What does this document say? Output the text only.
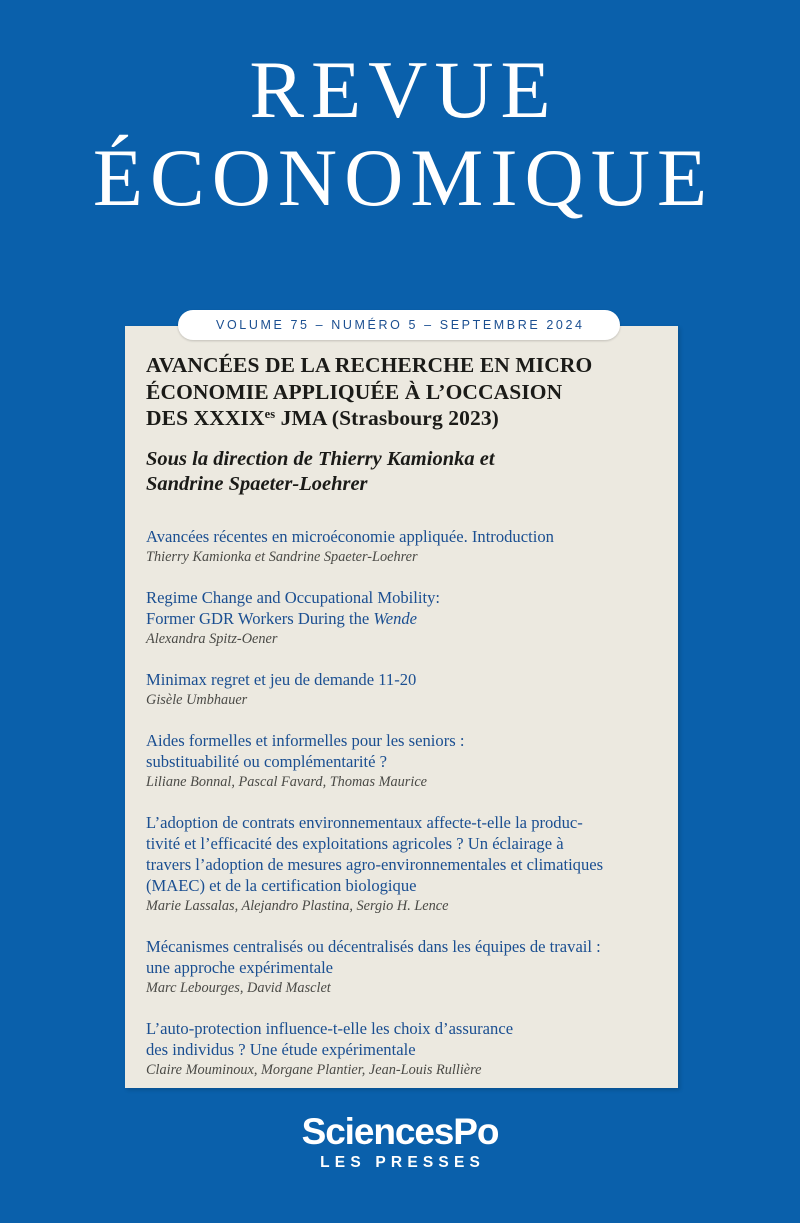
REVUE
ÉCONOMIQUE
VOLUME 75 – NUMÉRO 5 – SEPTEMBRE 2024
AVANCÉES DE LA RECHERCHE EN MICRO
ÉCONOMIE APPLIQUÉE À L’OCCASION
DES $XXXIX^{es}$ JMA (Strasbourg 2023)
Sous la direction de Thierry Kamionka et
Sandrine Spaeter-Loehrer
Avancées récentes en microéconomie appliquée. Introduction
Thierry Kamionka et Sandrine Spaeter-Loehrer
Regime Change and Occupational Mobility:
Former GDR Workers During the Wende
Alexandra Spitz-Oener
Minimax regret et jeu de demande 11-20
Gisèle Umbhauer
Aides formelles et informelles pour les seniors :
substituabilité ou complémentarité ?
Liliane Bonnal, Pascal Favard, Thomas Maurice
L’adoption de contrats environnementaux affecte-t-elle la produc-
tivité et l’efficacité des exploitations agricoles ? Un éclairage à
travers l’adoption de mesures agro-environnementales et climatiques
(MAEC) et de la certification biologique
Marie Lassalas, Alejandro Plastina, Sergio H. Lence
Mécanismes centralisés ou décentralisés dans les équipes de travail :
une approche expérimentale
Marc Lebourges, David Masclet
L’auto-protection influence-t-elle les choix d’assurance
des individus ? Une étude expérimentale
Claire Mouminoux, Morgane Plantier, Jean-Louis Rullière
SciencesPo
LES PRESSES
